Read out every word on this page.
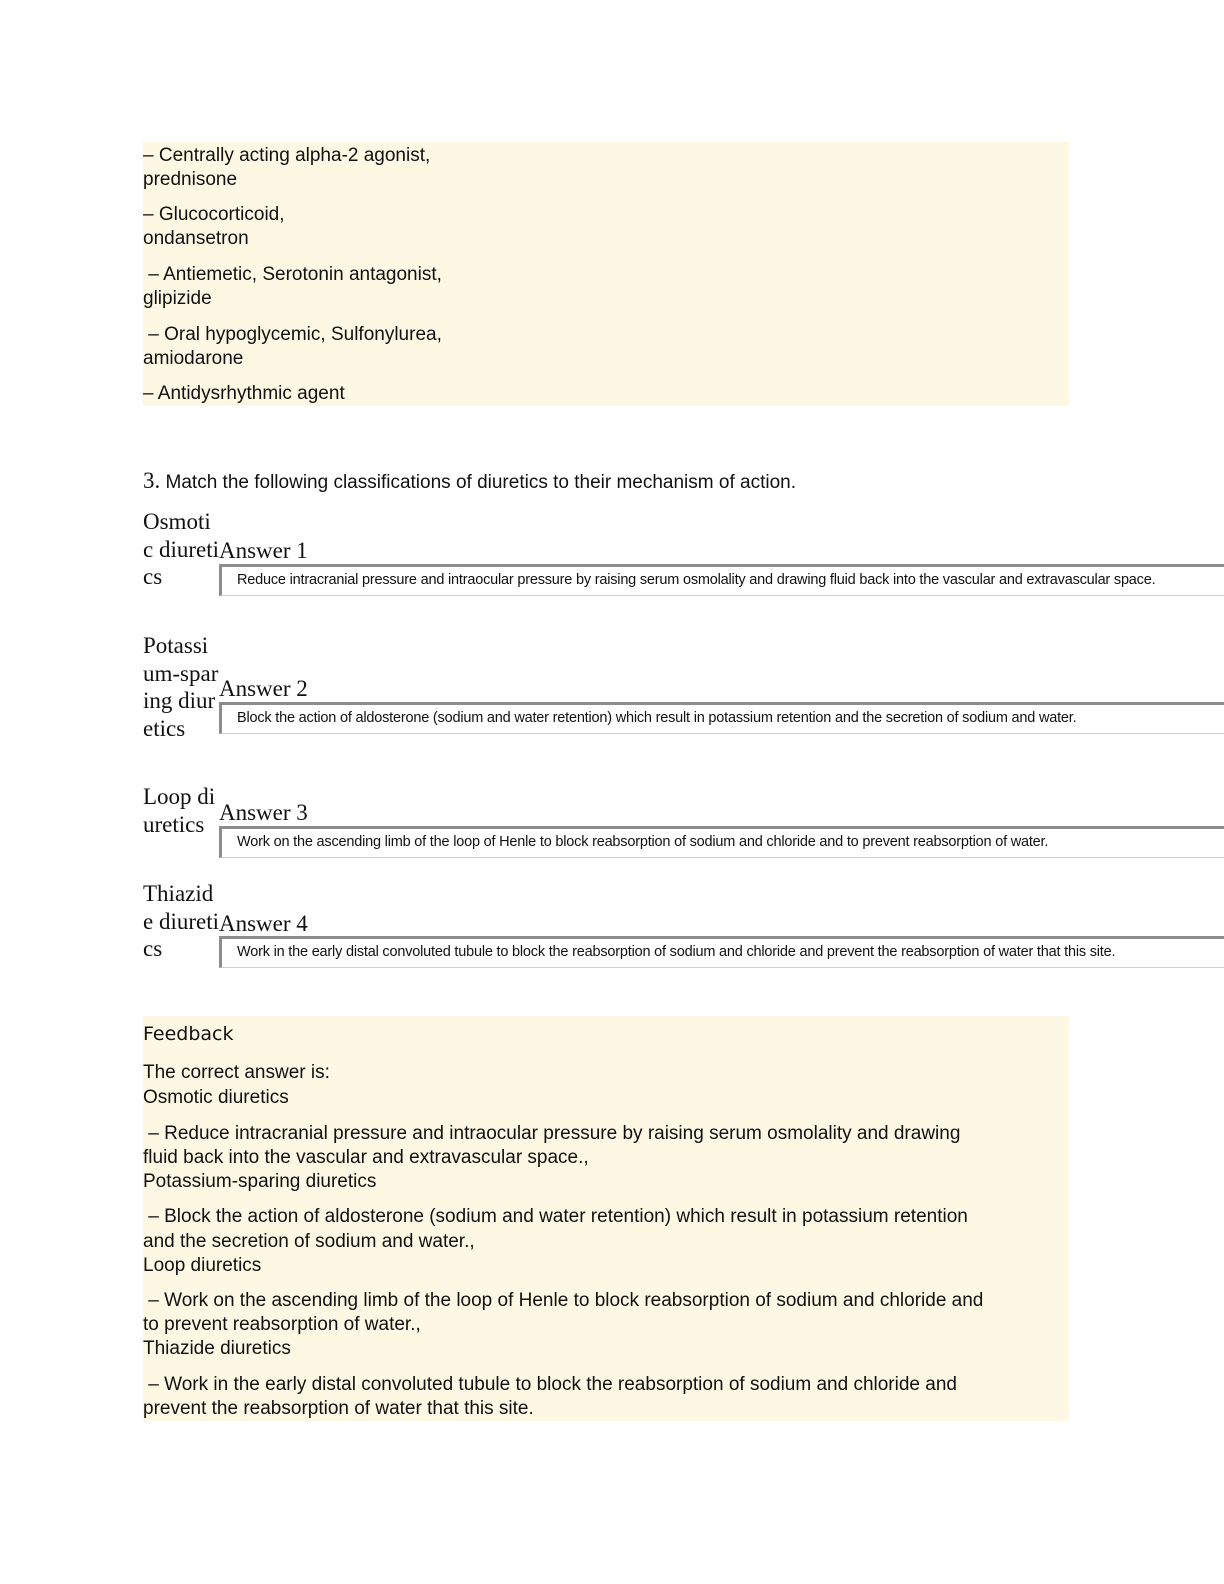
– Centrally acting alpha-2 agonist,
prednisone
– Glucocorticoid,
ondansetron
– Antiemetic, Serotonin antagonist,
glipizide
– Oral hypoglycemic, Sulfonylurea,
amiodarone
– Antidysrhythmic agent
3. Match the following classifications of diuretics to their mechanism of action.
Osmotic diuretics
Answer 1
Reduce intracranial pressure and intraocular pressure by raising serum osmolality and drawing fluid back into the vascular and extravascular space.
Potassium-sparing diuretics
Answer 2
Block the action of aldosterone (sodium and water retention) which result in potassium retention and the secretion of sodium and water.
Loop diuretics Answer 3
Work on the ascending limb of the loop of Henle to block reabsorption of sodium and chloride and to prevent reabsorption of water.
Thiazide diuretics
Answer 4
Work in the early distal convoluted tubule to block the reabsorption of sodium and chloride and prevent the reabsorption of water that this site.
Feedback
The correct answer is:
Osmotic diuretics
– Reduce intracranial pressure and intraocular pressure by raising serum osmolality and drawing
fluid back into the vascular and extravascular space.,
Potassium-sparing diuretics
– Block the action of aldosterone (sodium and water retention) which result in potassium retention
and the secretion of sodium and water.,
Loop diuretics
– Work on the ascending limb of the loop of Henle to block reabsorption of sodium and chloride and
to prevent reabsorption of water.,
Thiazide diuretics
– Work in the early distal convoluted tubule to block the reabsorption of sodium and chloride and
prevent the reabsorption of water that this site.
